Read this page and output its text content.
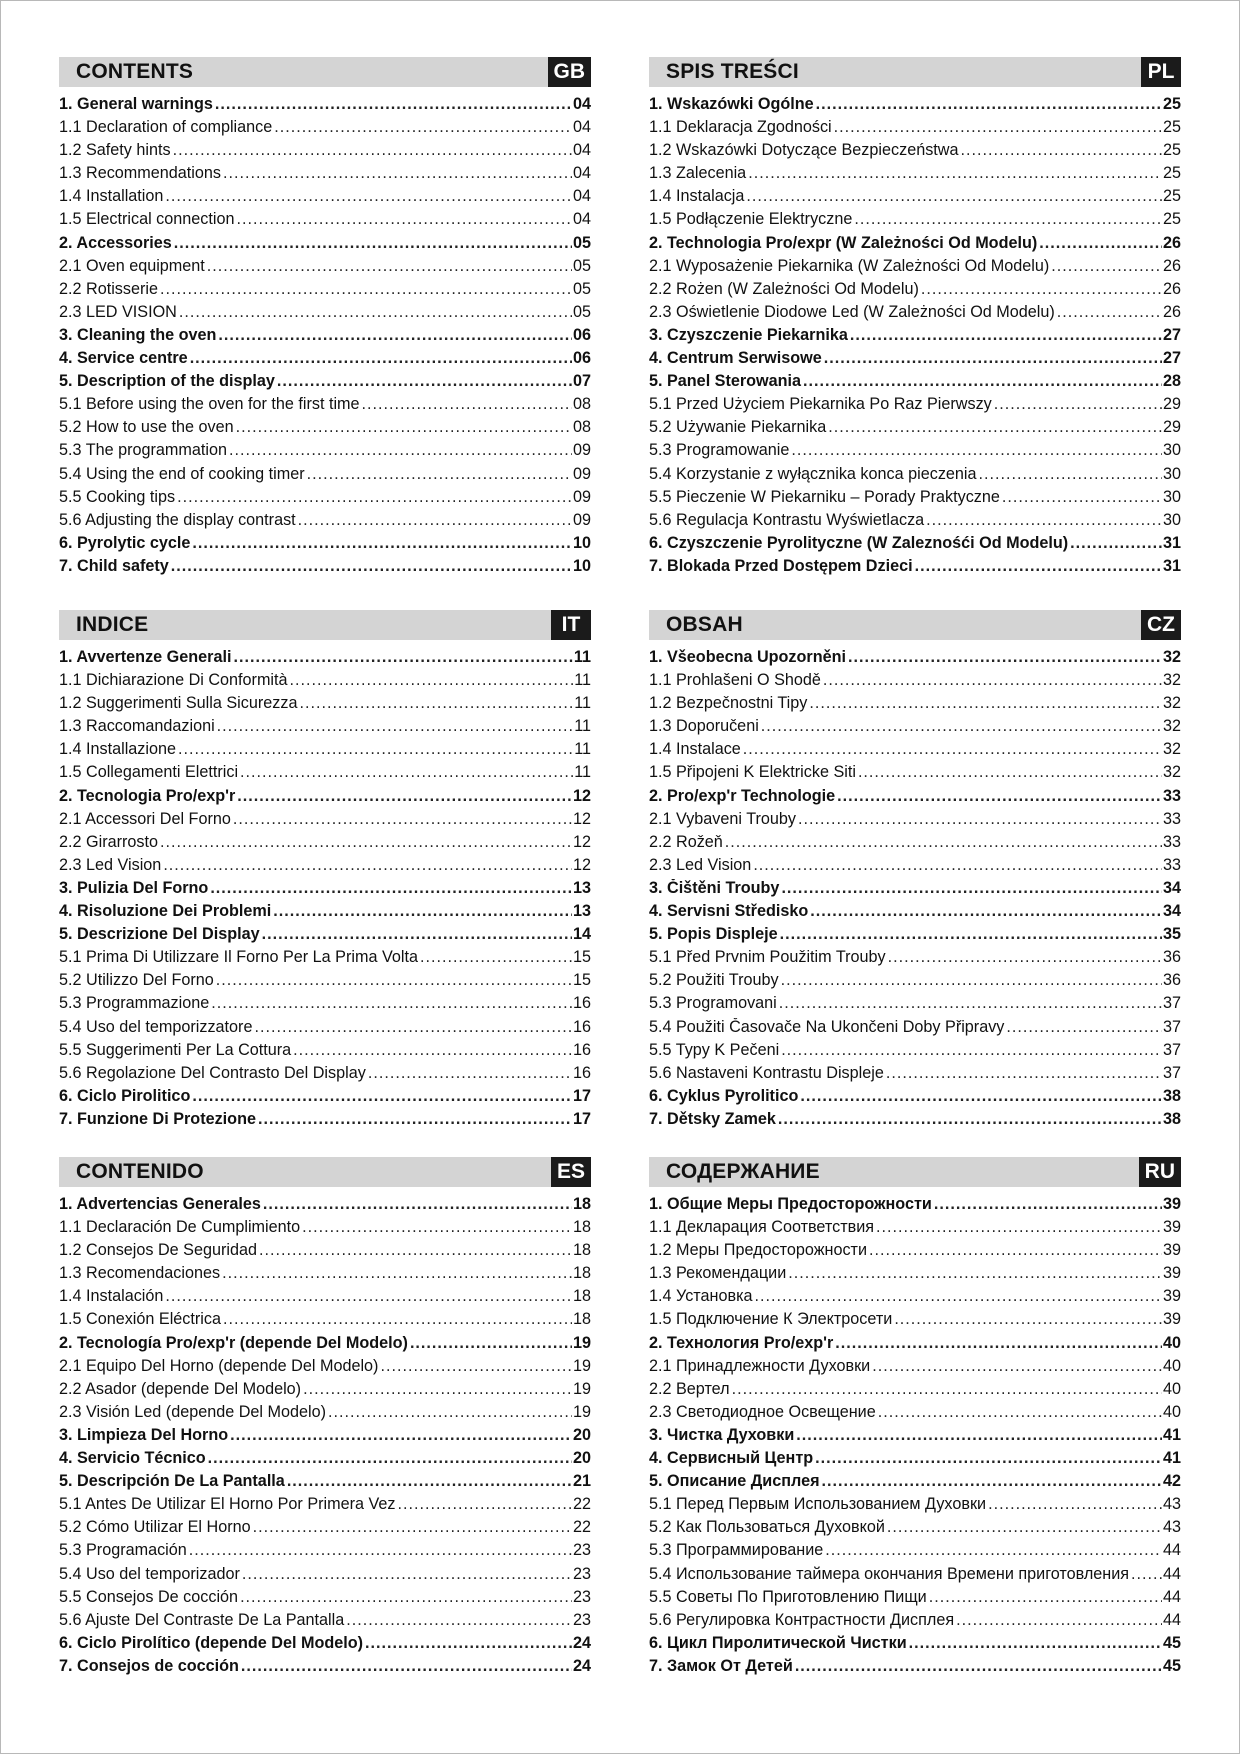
CONTENTS	GB
1. General warnings .....	04
1.1 Declaration of compliance .....	04
1.2 Safety hints .....	04
1.3 Recommendations .....	04
1.4 Installation .....	04
1.5 Electrical connection .....	04
2. Accessories .....	05
2.1 Oven equipment .....	05
2.2 Rotisserie .....	05
2.3 LED VISION .....	05
3. Cleaning the oven .....	06
4. Service centre .....	06
5. Description of the display .....	07
5.1 Before using the oven for the first time .....	08
5.2 How to use the oven .....	08
5.3 The programmation .....	09
5.4 Using the end of cooking timer .....	09
5.5 Cooking tips .....	09
5.6 Adjusting the display contrast .....	09
6. Pyrolytic cycle .....	10
7. Child safety .....	10
INDICE	IT
1. Avvertenze Generali .....	11
1.1 Dichiarazione Di Conformità .....	11
1.2 Suggerimenti Sulla Sicurezza .....	11
1.3 Raccomandazioni .....	11
1.4 Installazione .....	11
1.5 Collegamenti Elettrici .....	11
2. Tecnologia Pro/exp'r .....	12
2.1 Accessori Del Forno .....	12
2.2 Girarrosto .....	12
2.3 Led Vision .....	12
3. Pulizia Del Forno .....	13
4. Risoluzione Dei Problemi .....	13
5. Descrizione Del Display .....	14
5.1 Prima Di Utilizzare Il Forno Per La Prima Volta .....	15
5.2 Utilizzo Del Forno .....	15
5.3 Programmazione .....	16
5.4 Uso del temporizzatore .....	16
5.5 Suggerimenti Per La Cottura .....	16
5.6 Regolazione Del Contrasto Del Display .....	16
6. Ciclo Pirolitico .....	17
7. Funzione Di Protezione .....	17
CONTENIDO	ES
1. Advertencias Generales .....	18
1.1 Declaración De Cumplimiento .....	18
1.2 Consejos De Seguridad .....	18
1.3 Recomendaciones .....	18
1.4 Instalación .....	18
1.5 Conexión Eléctrica .....	18
2. Tecnología Pro/exp'r (depende Del Modelo) .....	19
2.1 Equipo Del Horno (depende Del Modelo) .....	19
2.2 Asador (depende Del Modelo) .....	19
2.3 Visión Led (depende Del Modelo) .....	19
3. Limpieza Del Horno .....	20
4. Servicio Técnico .....	20
5. Descripción De La Pantalla .....	21
5.1 Antes De Utilizar El Horno Por Primera Vez .....	22
5.2 Cómo Utilizar El Horno .....	22
5.3 Programación .....	23
5.4 Uso del temporizador .....	23
5.5 Consejos De cocción .....	23
5.6 Ajuste Del Contraste De La Pantalla .....	23
6. Ciclo Pirolítico (depende Del Modelo) .....	24
7. Consejos de cocción .....	24
SPIS TREŚCI	PL
1. Wskazówki Ogólne .....	25
1.1 Deklaracja Zgodności .....	25
1.2 Wskazówki Dotyczące Bezpieczeństwa .....	25
1.3 Zalecenia .....	25
1.4 Instalacja .....	25
1.5 Podłączenie Elektryczne .....	25
2. Technologia Pro/expr (W Zależności Od Modelu) .....	26
2.1 Wyposażenie Piekarnika (W Zależności Od Modelu) .....	26
2.2 Rożen (W Zależności Od Modelu) .....	26
2.3 Oświetlenie Diodowe Led (W Zależności Od Modelu) .....	26
3. Czyszczenie Piekarnika .....	27
4. Centrum Serwisowe .....	27
5. Panel Sterowania .....	28
5.1 Przed Użyciem Piekarnika Po Raz Pierwszy .....	29
5.2 Używanie Piekarnika .....	29
5.3 Programowanie .....	30
5.4 Korzystanie z wyłącznika konca pieczenia .....	30
5.5 Pieczenie W Piekarniku – Porady Praktyczne .....	30
5.6 Regulacja Kontrastu Wyświetlacza .....	30
6. Czyszczenie Pyrolityczne (W Zaleznośći Od Modelu) .....	31
7. Blokada Przed Dostępem Dzieci .....	31
OBSAH	CZ
1. Všeobecna Upozorněni .....	32
1.1 Prohlašeni O Shodě .....	32
1.2 Bezpečnostni Tipy .....	32
1.3 Doporučeni .....	32
1.4 Instalace .....	32
1.5 Připojeni K Elektricke Siti .....	32
2. Pro/exp'r Technologie .....	33
2.1 Vybaveni Trouby .....	33
2.2 Rožeň .....	33
2.3 Led Vision .....	33
3. Čištěni Trouby .....	34
4. Servisni Středisko .....	34
5. Popis Displeje .....	35
5.1 Před Prvnim Použitim Trouby .....	36
5.2 Použiti Trouby .....	36
5.3 Programovani .....	37
5.4 Použiti Časovače Na Ukončeni Doby Připravy .....	37
5.5 Typy K Pečeni .....	37
5.6 Nastaveni Kontrastu Displeje .....	37
6. Cyklus Pyrolitico .....	38
7. Dětsky Zamek .....	38
СОДЕРЖАНИЕ	RU
1. Общие Меры Предосторожности .....	39
1.1 Декларация Соответствия .....	39
1.2 Меры Предосторожности .....	39
1.3 Рекомендации .....	39
1.4 Установка .....	39
1.5 Подключение К Электросети .....	39
2. Технология Pro/exp'r .....	40
2.1 Принадлежности Духовки .....	40
2.2 Вертел .....	40
2.3 Светодиодное Освещение .....	40
3. Чистка Духовки .....	41
4. Сервисный Центр .....	41
5. Описание Дисплея .....	42
5.1 Перед Первым Использованием Духовки .....	43
5.2 Как Пользоваться Духовкой .....	43
5.3 Программирование .....	44
5.4 Использование таймера окончания Времени приготовления ..... 44
5.5 Советы По Приготовлению Пищи .....	44
5.6 Регулировка Контрастности Дисплея .....	44
6. Цикл Пиролитической Чистки .....	45
7. Замок От Детей .....	45
